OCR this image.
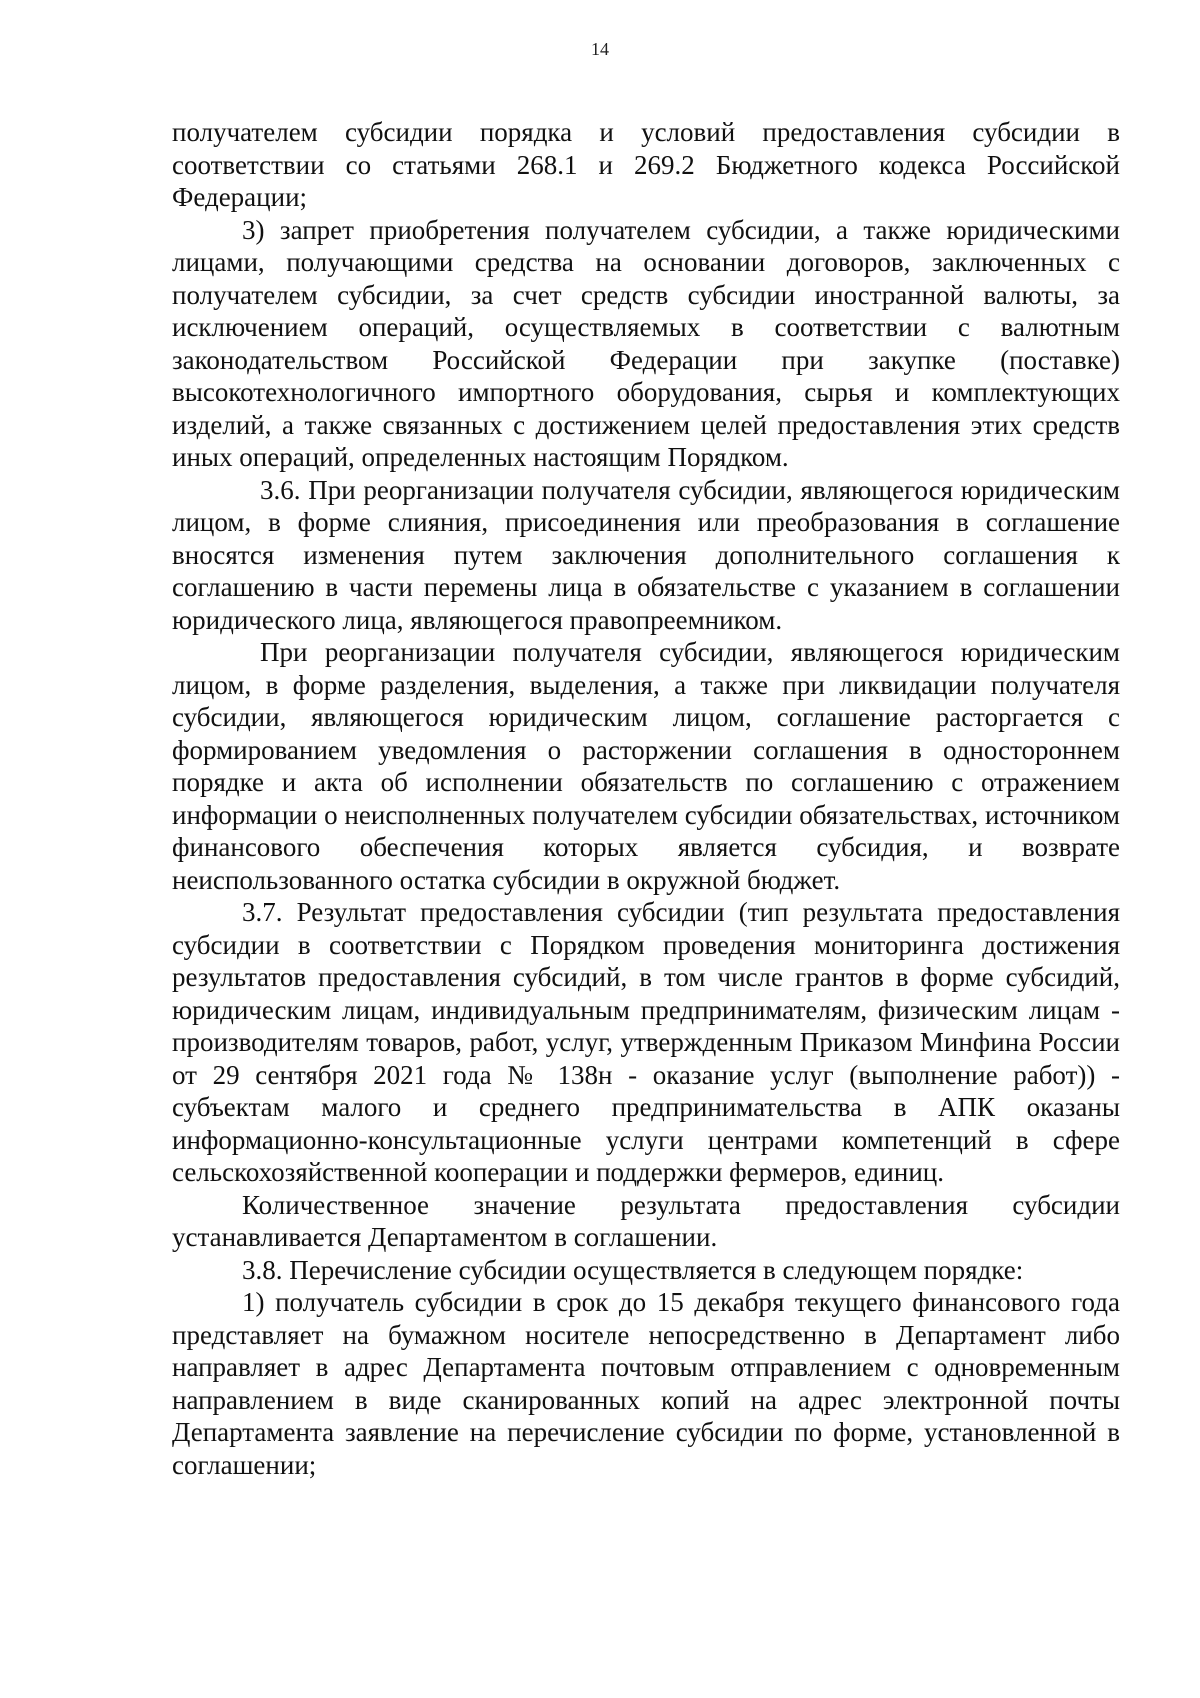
14

получателем субсидии порядка и условий предоставления субсидии в соответствии со статьями 268.1 и 269.2 Бюджетного кодекса Российской Федерации;

3) запрет приобретения получателем субсидии, а также юридическими лицами, получающими средства на основании договоров, заключенных с получателем субсидии, за счет средств субсидии иностранной валюты, за исключением операций, осуществляемых в соответствии с валютным законодательством Российской Федерации при закупке (поставке) высокотехнологичного импортного оборудования, сырья и комплектующих изделий, а также связанных с достижением целей предоставления этих средств иных операций, определенных настоящим Порядком.

3.6. При реорганизации получателя субсидии, являющегося юридическим лицом, в форме слияния, присоединения или преобразования в соглашение вносятся изменения путем заключения дополнительного соглашения к соглашению в части перемены лица в обязательстве с указанием в соглашении юридического лица, являющегося правопреемником.

При реорганизации получателя субсидии, являющегося юридическим лицом, в форме разделения, выделения, а также при ликвидации получателя субсидии, являющегося юридическим лицом, соглашение расторгается с формированием уведомления о расторжении соглашения в одностороннем порядке и акта об исполнении обязательств по соглашению с отражением информации о неисполненных получателем субсидии обязательствах, источником финансового обеспечения которых является субсидия, и возврате неиспользованного остатка субсидии в окружной бюджет.

3.7. Результат предоставления субсидии (тип результата предоставления субсидии в соответствии с Порядком проведения мониторинга достижения результатов предоставления субсидий, в том числе грантов в форме субсидий, юридическим лицам, индивидуальным предпринимателям, физическим лицам - производителям товаров, работ, услуг, утвержденным Приказом Минфина России от 29 сентября 2021 года № 138н - оказание услуг (выполнение работ)) - субъектам малого и среднего предпринимательства в АПК оказаны информационно-консультационные услуги центрами компетенций в сфере сельскохозяйственной кооперации и поддержки фермеров, единиц.

Количественное значение результата предоставления субсидии устанавливается Департаментом в соглашении.

3.8. Перечисление субсидии осуществляется в следующем порядке:

1) получатель субсидии в срок до 15 декабря текущего финансового года представляет на бумажном носителе непосредственно в Департамент либо направляет в адрес Департамента почтовым отправлением с одновременным направлением в виде сканированных копий на адрес электронной почты Департамента заявление на перечисление субсидии по форме, установленной в соглашении;
